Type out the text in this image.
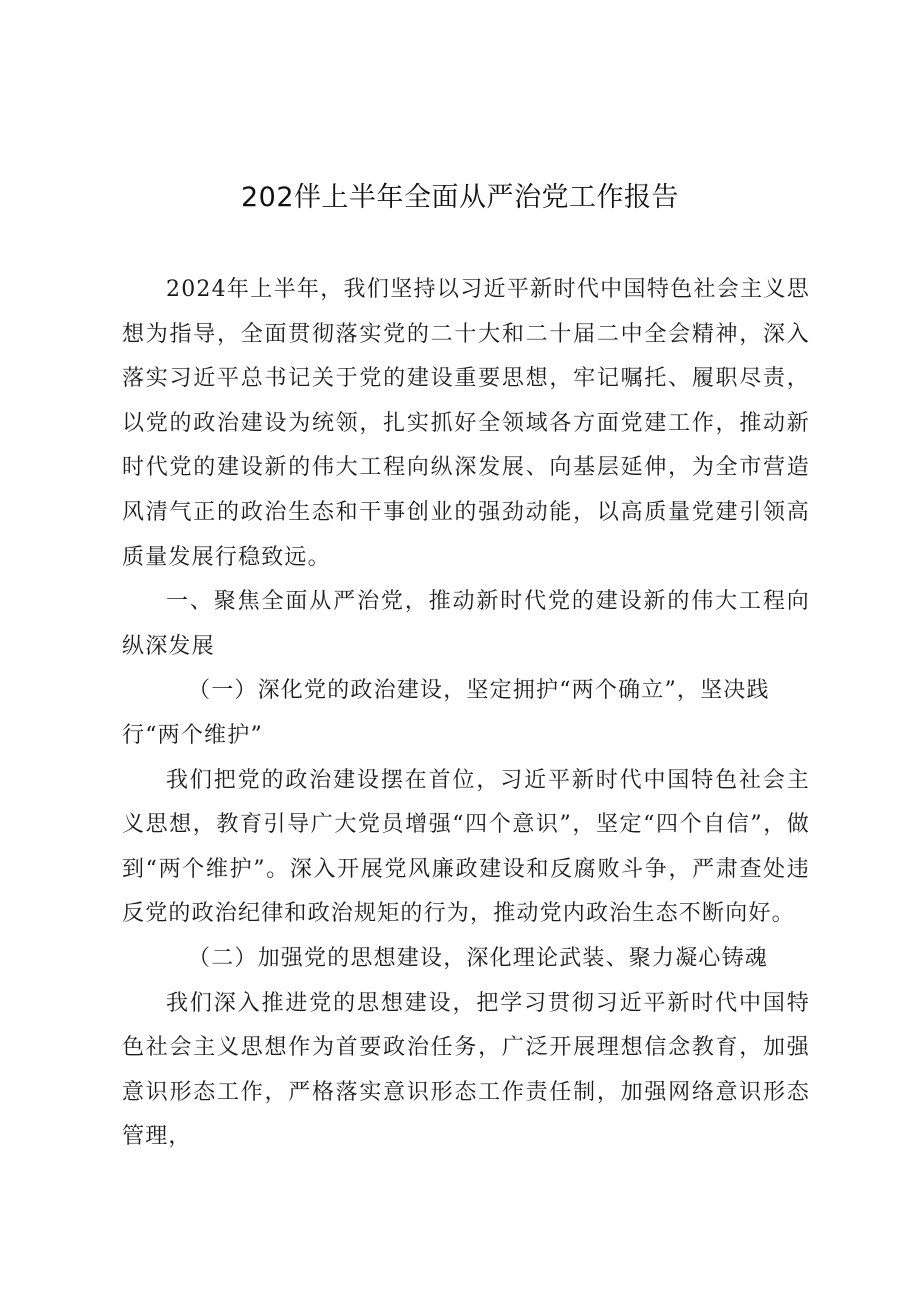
202伴上半年全面从严治党工作报告

2024年上半年，我们坚持以习近平新时代中国特色社会主义思想为指导，全面贯彻落实党的二十大和二十届二中全会精神，深入落实习近平总书记关于党的建设重要思想，牢记嘱托、履职尽责，以党的政治建设为统领，扎实抓好全领域各方面党建工作，推动新时代党的建设新的伟大工程向纵深发展、向基层延伸，为全市营造风清气正的政治生态和干事创业的强劲动能，以高质量党建引领高质量发展行稳致远。

一、聚焦全面从严治党，推动新时代党的建设新的伟大工程向纵深发展

（一）深化党的政治建设，坚定拥护“两个确立”，坚决践行“两个维护”

我们把党的政治建设摆在首位，习近平新时代中国特色社会主义思想，教育引导广大党员增强“四个意识”，坚定“四个自信”，做到“两个维护”。深入开展党风廉政建设和反腐败斗争，严肃查处违反党的政治纪律和政治规矩的行为，推动党内政治生态不断向好。

（二）加强党的思想建设，深化理论武装、聚力凝心铸魂

我们深入推进党的思想建设，把学习贯彻习近平新时代中国特色社会主义思想作为首要政治任务，广泛开展理想信念教育，加强意识形态工作，严格落实意识形态工作责任制，加强网络意识形态管理，
